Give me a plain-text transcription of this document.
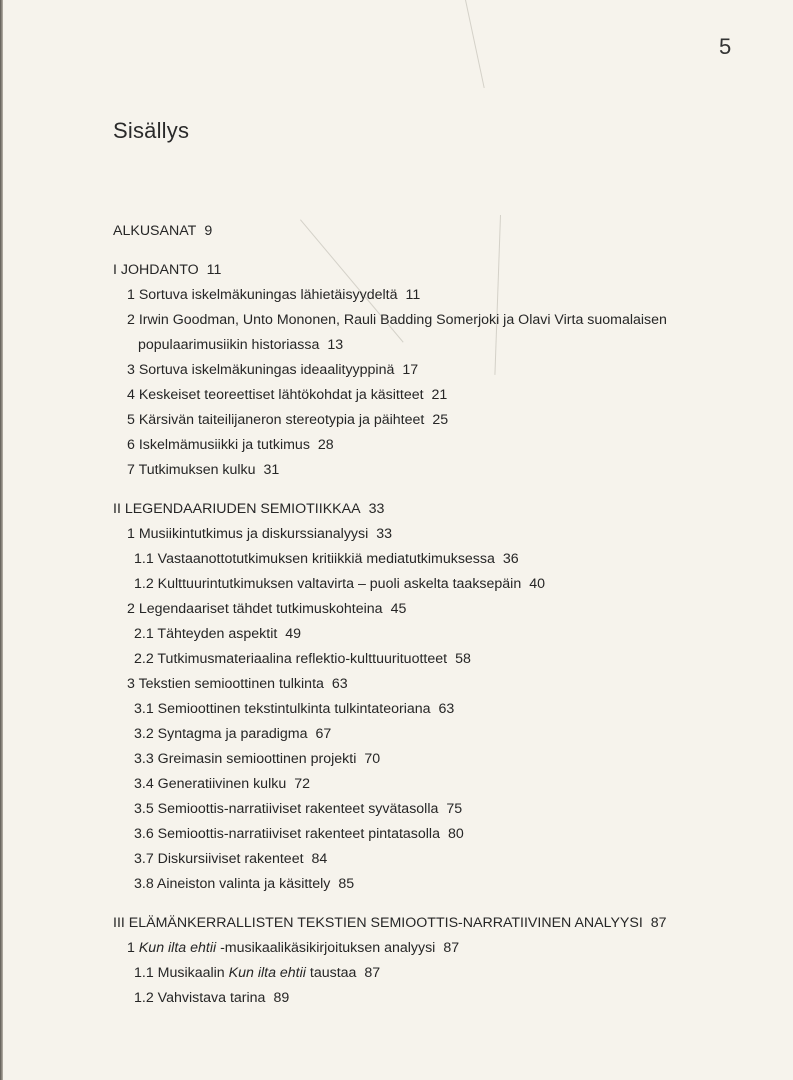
5
Sisällys
ALKUSANAT 9
I JOHDANTO 11
1 Sortuva iskelmäkuningas lähietäisyydeltä 11
2 Irwin Goodman, Unto Mononen, Rauli Badding Somerjoki ja Olavi Virta suomalaisen
populaarimusiikin historiassa 13
3 Sortuva iskelmäkuningas ideaalityyppinä 17
4 Keskeiset teoreettiset lähtökohdat ja käsitteet 21
5 Kärsivän taiteilijaneron stereotypia ja päihteet 25
6 Iskelmämusiikki ja tutkimus 28
7 Tutkimuksen kulku 31
II LEGENDAARIUDEN SEMIOTIIKKAA 33
1 Musiikintutkimus ja diskurssianalyysi 33
1.1 Vastaanottotutkimuksen kritiikkiä mediatutkimuksessa 36
1.2 Kulttuurintutkimuksen valtavirta – puoli askelta taaksepäin 40
2 Legendaariset tähdet tutkimuskohteina 45
2.1 Tähteyden aspektit 49
2.2 Tutkimusmateriaalina reflektio-kulttuurituotteet 58
3 Tekstien semioottinen tulkinta 63
3.1 Semioottinen tekstintulkinta tulkintateoriana 63
3.2 Syntagma ja paradigma 67
3.3 Greimasin semioottinen projekti 70
3.4 Generatiivinen kulku 72
3.5 Semioottis-narratiiviset rakenteet syvätasolla 75
3.6 Semioottis-narratiiviset rakenteet pintatasolla 80
3.7 Diskursiiviset rakenteet 84
3.8 Aineiston valinta ja käsittely 85
III ELÄMÄNKERRALLISTEN TEKSTIEN SEMIOOTTIS-NARRATIIVINEN ANALYYSI 87
1 Kun ilta ehtii -musikaalikäsikirjoituksen analyysi 87
1.1 Musikaalin Kun ilta ehtii taustaa 87
1.2 Vahvistava tarina 89
